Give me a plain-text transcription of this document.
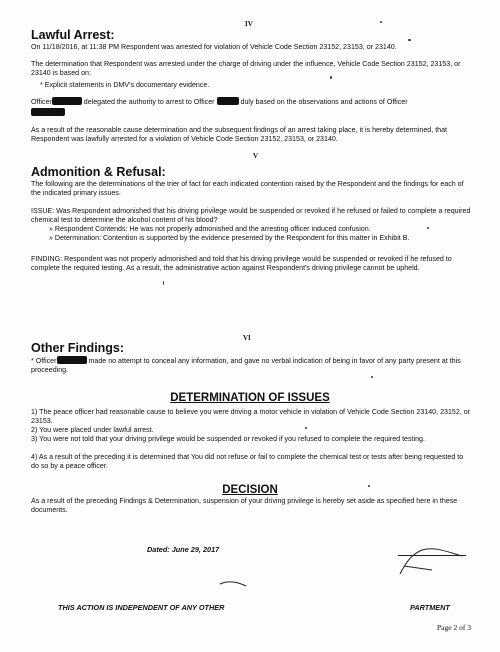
IV
Lawful Arrest:
On 11/18/2016, at 11:38 PM Respondent was arrested for violation of Vehicle Code Section 23152, 23153, or 23140.
The determination that Respondent was arrested under the charge of driving under the influence, Vehicle Code Section 23152, 23153, or 23140 is based on:
* Explicit statements in DMV's documentary evidence.
Officer	delegated the authority to arrest to Officer	duly based on the observations and actions of Officer
As a result of the reasonable cause determination and the subsequent findings of an arrest taking place, it is hereby determined, that Respondent was lawfully arrested for a violation of Vehicle Code Section 23152, 23153, or 23140.
V
Admonition & Refusal:
The following are the determinations of the trier of fact for each indicated contention raised by the Respondent and the findings for each of the indicated primary issues.
ISSUE: Was Respondent admonished that his driving privilege would be suspended or revoked if he refused or failed to complete a required chemical test to determine the alcohol content of his blood?
» Respondent Contends: He was not properly admonished and the arresting officer induced confusion.
» Determination: Contention is supported by the evidence presented by the Respondent for this matter in Exhibit B.
FINDING: Respondent was not properly admonished and told that his driving privilege would be suspended or revoked if he refused to complete the required testing. As a result, the administrative action against Respondent's driving privilege cannot be upheld.
VI
Other Findings:
* Officer	made no attempt to conceal any information, and gave no verbal indication of being in favor of any party present at this proceeding.
DETERMINATION OF ISSUES
1) The peace officer had reasonable cause to believe you were driving a motor vehicle in violation of Vehicle Code Section 23140, 23152, or 23153.
2) You were placed under lawful arrest.
3) You were not told that your driving privilege would be suspended or revoked if you refused to complete the required testing.
4) As a result of the preceding it is determined that You did not refuse or fail to complete the chemical test or tests after being requested to do so by a peace officer.
DECISION
As a result of the preceding Findings & Determination, suspension of your driving privilege is hereby set aside as specified here in these documents.
Dated: June 29, 2017
THIS ACTION IS INDEPENDENT OF ANY OTHER	PARTMENT
Page 2 of 3
